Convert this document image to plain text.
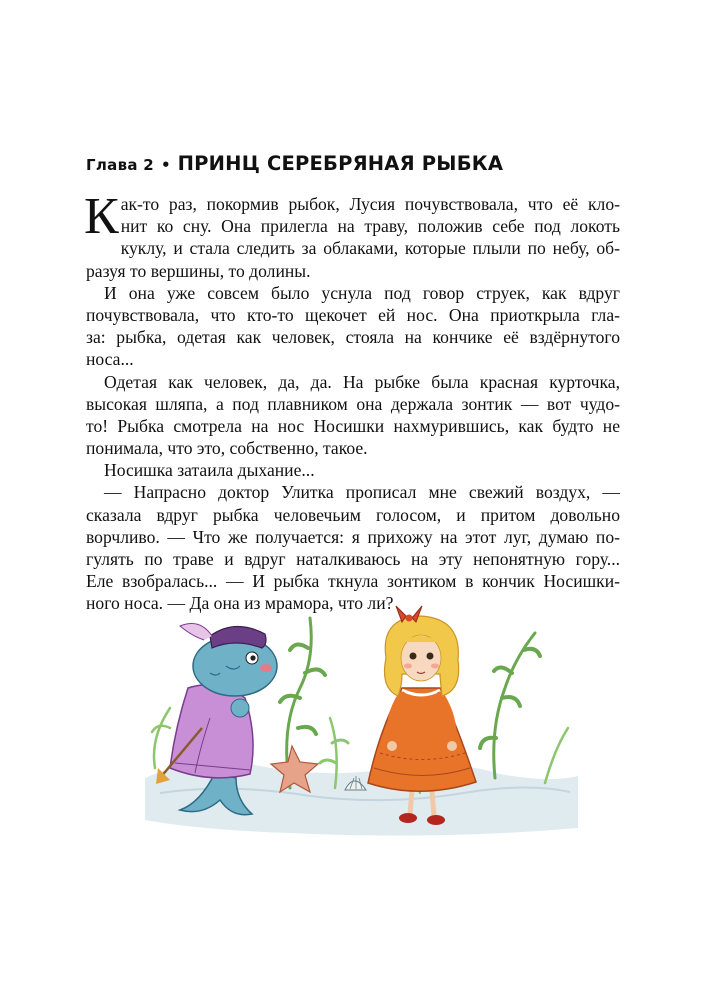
Глава 2 • ПРИНЦ СЕРЕБРЯНАЯ РЫБКА
К ак-то раз, покормив рыбок, Лусия почувствовала, что её кло-
нит ко сну. Она прилегла на траву, положив себе под локоть
куклу, и стала следить за облаками, которые плыли по небу, об-
разуя то вершины, то долины.
И она уже совсем было уснула под говор струек, как вдруг
почувствовала, что кто-то щекочет ей нос. Она приоткрыла гла-
за: рыбка, одетая как человек, стояла на кончике её вздёрнутого
носа...
Одетая как человек, да, да. На рыбке была красная курточка,
высокая шляпа, а под плавником она держала зонтик — вот чудо-
то! Рыбка смотрела на нос Носишки нахмурившись, как будто не
понимала, что это, собственно, такое.
Носишка затаила дыхание...
— Напрасно доктор Улитка прописал мне свежий воздух, —
сказала вдруг рыбка человечьим голосом, и притом довольно
ворчливо. — Что же получается: я прихожу на этот луг, думаю по-
гулять по траве и вдруг наталкиваюсь на эту непонятную гору...
Еле взобралась... — И рыбка ткнула зонтиком в кончик Носишки-
ного носа. — Да она из мрамора, что ли?
